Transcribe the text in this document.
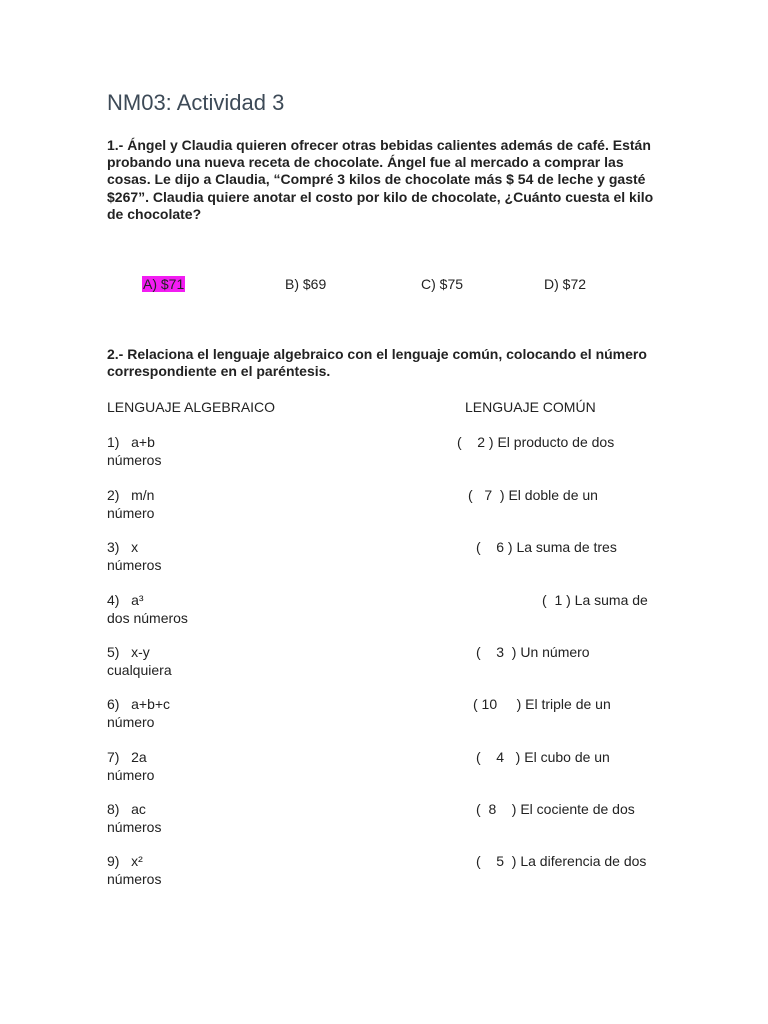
NM03: Actividad 3
1.- Ángel y Claudia quieren ofrecer otras bebidas calientes además de café. Están probando una nueva receta de chocolate. Ángel fue al mercado a comprar las cosas. Le dijo a Claudia, “Compré 3 kilos de chocolate más $ 54 de leche y gasté $267”. Claudia quiere anotar el costo por kilo de chocolate, ¿Cuánto cuesta el kilo de chocolate?
A) $71	B) $69	C) $75	D) $72
2.- Relaciona el lenguaje algebraico con el lenguaje común, colocando el número correspondiente en el paréntesis.
LENGUAJE ALGEBRAICO	LENGUAJE COMÚN
1)   a+b	(    2 ) El producto de dos
números
2)   m/n	(   7  ) El doble de un
número
3)   x	(    6 ) La suma de tres
números
4)   a³	(  1 ) La suma de
dos números
5)   x-y	(    3  ) Un número
cualquiera
6)   a+b+c	( 10     ) El triple de un
número
7)   2a	(    4   ) El cubo de un
número
8)   ac	(  8    ) El cociente de dos
números
9)   x²	(    5  ) La diferencia de dos
números
